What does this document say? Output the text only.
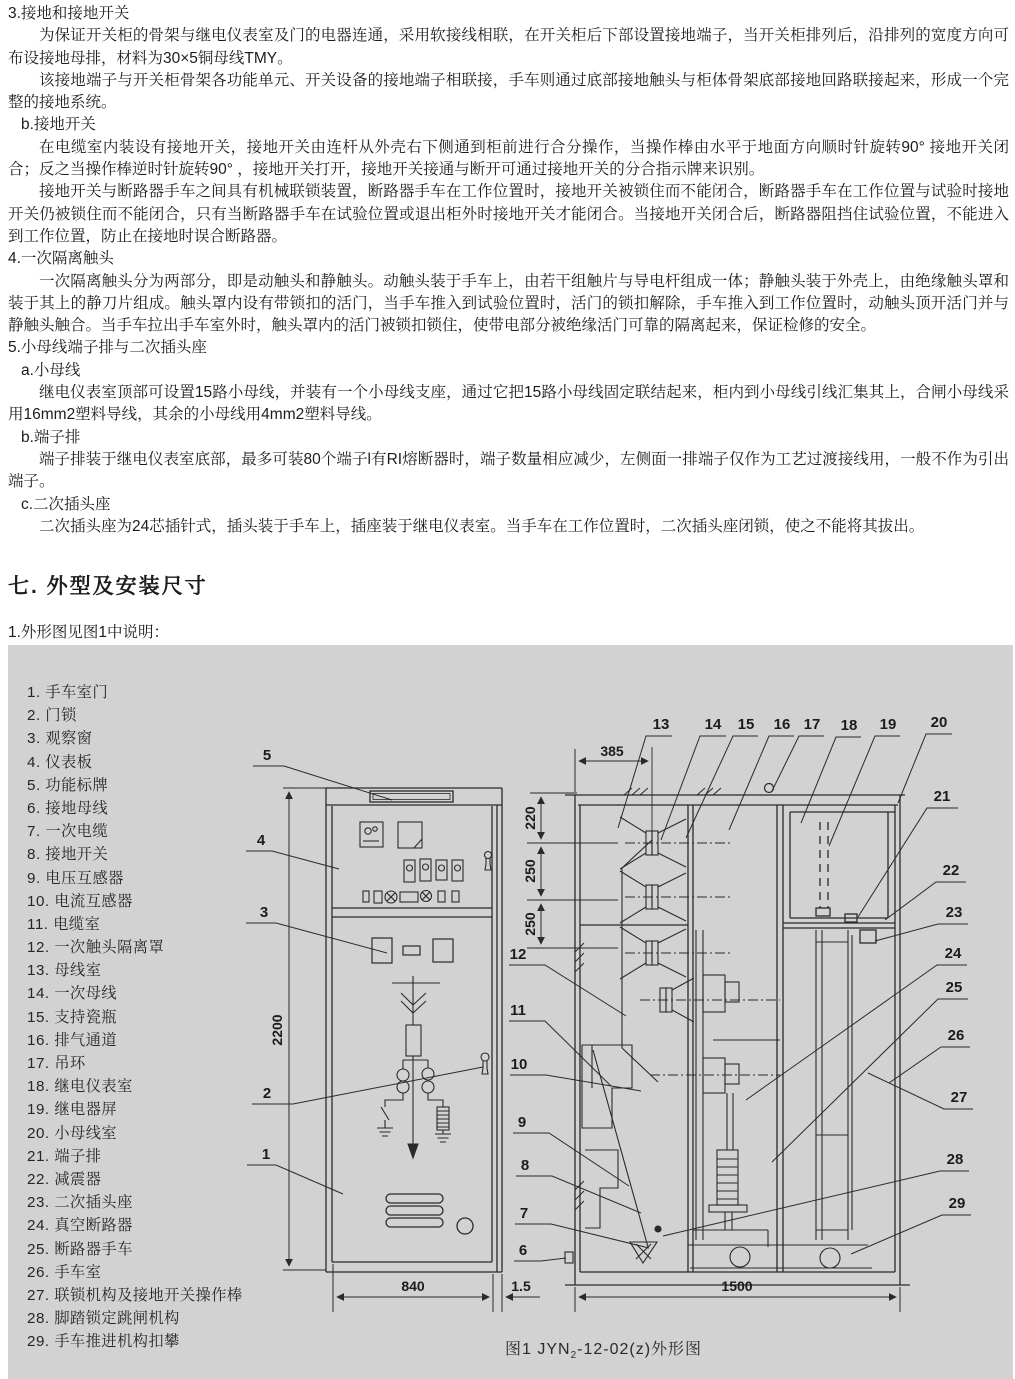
3.接地和接地开关

为保证开关柜的骨架与继电仪表室及门的电器连通，采用软接线相联，在开关柜后下部设置接地端子，当开关柜排列后，沿排列的宽度方向可布设接地母排，材料为30×5铜母线TMY。

该接地端子与开关柜骨架各功能单元、开关设备的接地端子相联接，手车则通过底部接地触头与柜体骨架底部接地回路联接起来，形成一个完整的接地系统。

b.接地开关

在电缆室内装设有接地开关，接地开关由连杆从外壳右下侧通到柜前进行合分操作，当操作棒由水平于地面方向顺时针旋转90° 接地开关闭合；反之当操作棒逆时针旋转90° ，接地开关打开，接地开关接通与断开可通过接地开关的分合指示牌来识别。

接地开关与断路器手车之间具有机械联锁装置，断路器手车在工作位置时，接地开关被锁住而不能闭合，断路器手车在工作位置与试验时接地开关仍被锁住而不能闭合，只有当断路器手车在试验位置或退出柜外时接地开关才能闭合。当接地开关闭合后，断路器阻挡住试验位置，不能进入到工作位置，防止在接地时误合断路器。

4.一次隔离触头

一次隔离触头分为两部分，即是动触头和静触头。动触头装于手车上，由若干组触片与导电杆组成一体；静触头装于外壳上，由绝缘触头罩和装于其上的静刀片组成。触头罩内设有带锁扣的活门，当手车推入到试验位置时，活门的锁扣解除，手车推入到工作位置时，动触头顶开活门并与静触头触合。当手车拉出手车室外时，触头罩内的活门被锁扣锁住，使带电部分被绝缘活门可靠的隔离起来，保证检修的安全。

5.小母线端子排与二次插头座

a.小母线

继电仪表室顶部可设置15路小母线，并装有一个小母线支座，通过它把15路小母线固定联结起来，柜内到小母线引线汇集其上，合闸小母线采用16mm2塑料导线，其余的小母线用4mm2塑料导线。

b.端子排

端子排装于继电仪表室底部，最多可装80个端子l有RI熔断器时，端子数量相应减少，左侧面一排端子仅作为工艺过渡接线用，一般不作为引出端子。

c.二次插头座

二次插头座为24芯插针式，插头装于手车上，插座装于继电仪表室。当手车在工作位置时，二次插头座闭锁，使之不能将其拔出。

七. 外型及安装尺寸
1.外形图见图1中说明：
1. 手车室门
2. 门锁
3. 观察窗
4. 仪表板
5. 功能标牌
6. 接地母线
7. 一次电缆
8. 接地开关
9. 电压互感器
10. 电流互感器
11. 电缆室
12. 一次触头隔离罩
13. 母线室
14. 一次母线
15. 支持瓷瓶
16. 排气通道
17. 吊环
18. 继电仪表室
19. 继电器屏
20. 小母线室
21. 端子排
22. 减震器
23. 二次插头座
24. 真空断路器
25. 断路器手车
26. 手车室
27. 联锁机构及接地开关操作棒
28. 脚踏锁定跳闸机构
29. 手车推进机构扣攀
840	1.5	1500
2200
385
220
250
250
5
4
3
2
1
13 14 15 16 17 18 19 20
21
22
23
24
25
26
27
28
29
12
11
10
9
8
7
6
图1 $JYN_2-12-02(z)$外形图
